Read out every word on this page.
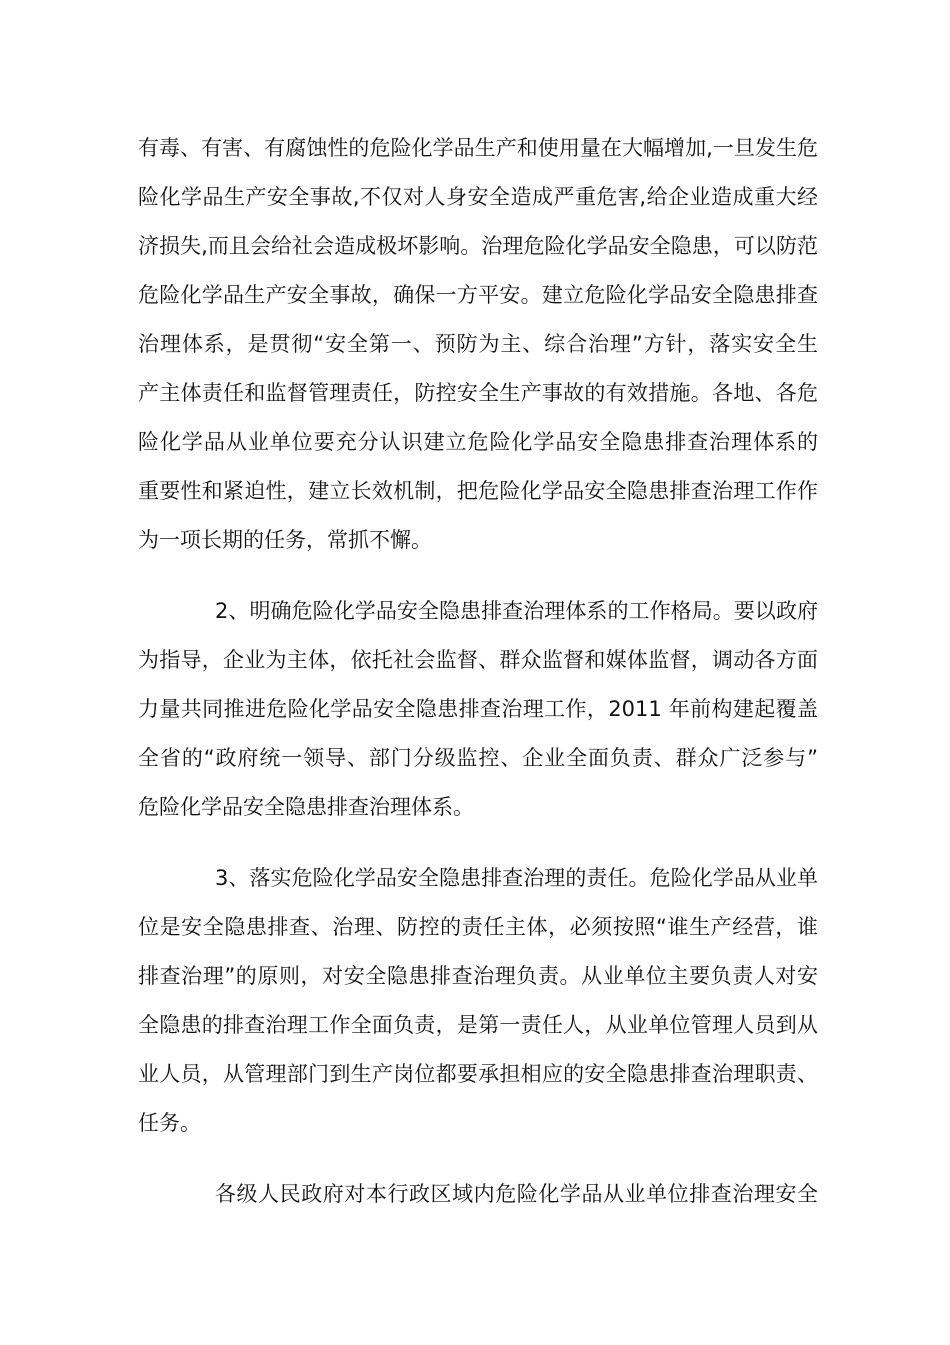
有毒、有害、有腐蚀性的危险化学品生产和使用量在大幅增加,一旦发生危
险化学品生产安全事故,不仅对人身安全造成严重危害,给企业造成重大经
济损失,而且会给社会造成极坏影响。治理危险化学品安全隐患，可以防范
危险化学品生产安全事故，确保一方平安。建立危险化学品安全隐患排查
治理体系，是贯彻“安全第一、预防为主、综合治理”方针，落实安全生
产主体责任和监督管理责任，防控安全生产事故的有效措施。各地、各危
险化学品从业单位要充分认识建立危险化学品安全隐患排查治理体系的
重要性和紧迫性，建立长效机制，把危险化学品安全隐患排查治理工作作
为一项长期的任务，常抓不懈。
2、明确危险化学品安全隐患排查治理体系的工作格局。要以政府
为指导，企业为主体，依托社会监督、群众监督和媒体监督，调动各方面
力量共同推进危险化学品安全隐患排查治理工作，2011 年前构建起覆盖
全省的“政府统一领导、部门分级监控、企业全面负责、群众广泛参与”
危险化学品安全隐患排查治理体系。
3、落实危险化学品安全隐患排查治理的责任。危险化学品从业单
位是安全隐患排查、治理、防控的责任主体，必须按照“谁生产经营，谁
排查治理”的原则，对安全隐患排查治理负责。从业单位主要负责人对安
全隐患的排查治理工作全面负责，是第一责任人，从业单位管理人员到从
业人员，从管理部门到生产岗位都要承担相应的安全隐患排查治理职责、
任务。
各级人民政府对本行政区域内危险化学品从业单位排查治理安全
